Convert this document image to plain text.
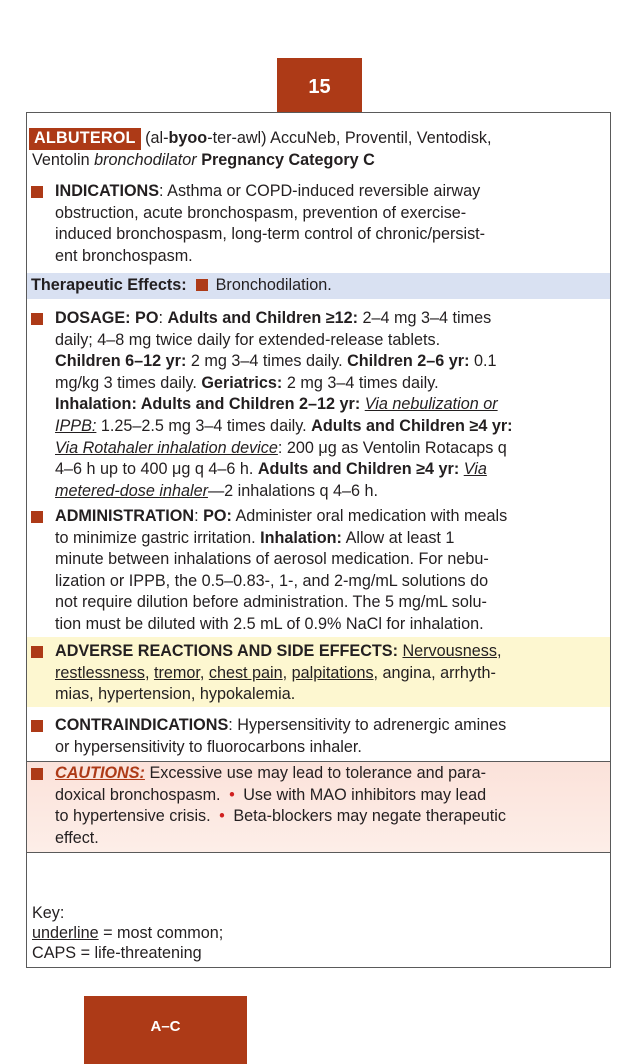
15
ALBUTEROL (al-byoo-ter-awl) AccuNeb, Proventil, Ventodisk,
Ventolin bronchodilator Pregnancy Category C
INDICATIONS: Asthma or COPD-induced reversible airway
obstruction, acute bronchospasm, prevention of exercise-
induced bronchospasm, long-term control of chronic/persist-
ent bronchospasm.
Therapeutic Effects: Bronchodilation.
DOSAGE: PO: Adults and Children ≥12: 2–4 mg 3–4 times
daily; 4–8 mg twice daily for extended-release tablets.
Children 6–12 yr: 2 mg 3–4 times daily. Children 2–6 yr: 0.1
mg/kg 3 times daily. Geriatrics: 2 mg 3–4 times daily.
Inhalation: Adults and Children 2–12 yr: Via nebulization or
IPPB: 1.25–2.5 mg 3–4 times daily. Adults and Children ≥4 yr:
Via Rotahaler inhalation device: 200 μg as Ventolin Rotacaps q
4–6 h up to 400 μg q 4–6 h. Adults and Children ≥4 yr: Via
metered-dose inhaler—2 inhalations q 4–6 h.
ADMINISTRATION: PO: Administer oral medication with meals
to minimize gastric irritation. Inhalation: Allow at least 1
minute between inhalations of aerosol medication. For nebu-
lization or IPPB, the 0.5–0.83-, 1-, and 2-mg/mL solutions do
not require dilution before administration. The 5 mg/mL solu-
tion must be diluted with 2.5 mL of 0.9% NaCl for inhalation.
ADVERSE REACTIONS AND SIDE EFFECTS: Nervousness,
restlessness, tremor, chest pain, palpitations, angina, arrhyth-
mias, hypertension, hypokalemia.
CONTRAINDICATIONS: Hypersensitivity to adrenergic amines
or hypersensitivity to fluorocarbons inhaler.
CAUTIONS: Excessive use may lead to tolerance and para-
doxical bronchospasm. • Use with MAO inhibitors may lead
to hypertensive crisis. • Beta-blockers may negate therapeutic
effect.
Key:
underline = most common;
CAPS = life-threatening
A–C
